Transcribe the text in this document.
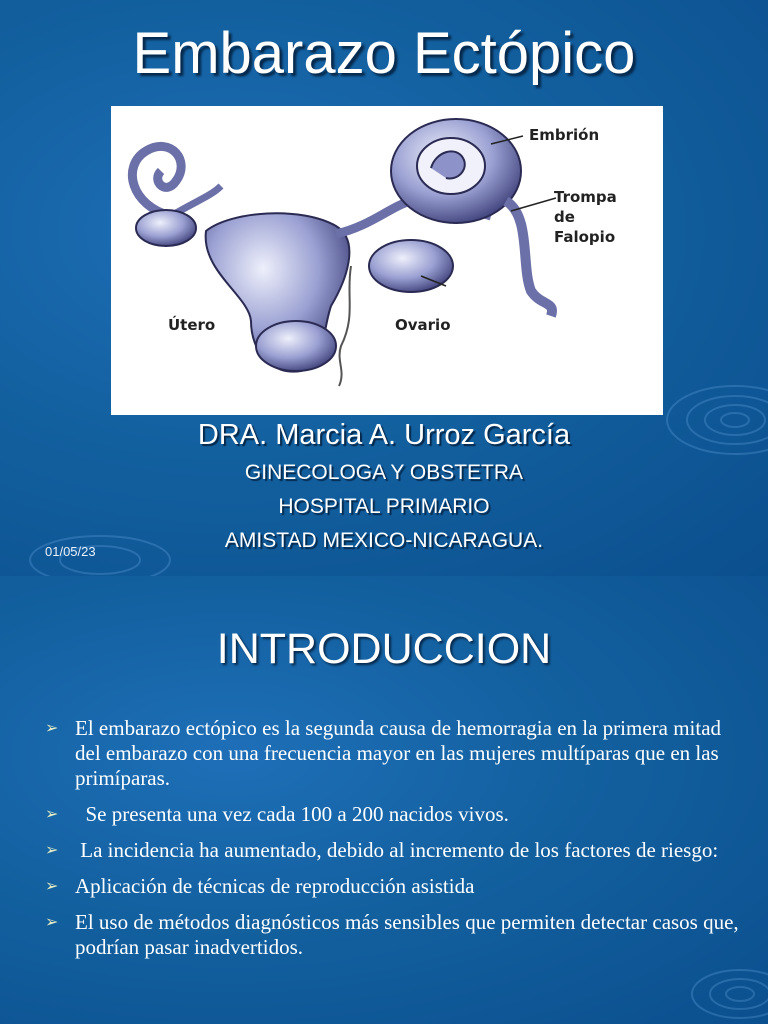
Embarazo Ectópico
Embrión
Trompa
de
Falopio
Útero	Ovario
DRA. Marcia A. Urroz García
GINECOLOGA Y OBSTETRA
HOSPITAL PRIMARIO
AMISTAD MEXICO-NICARAGUA.
01/05/23
INTRODUCCION
➢ El embarazo ectópico es la segunda causa de hemorragia en la primera mitad del embarazo con una frecuencia mayor en las mujeres multíparas que en las primíparas.
➢ Se presenta una vez cada 100 a 200 nacidos vivos.
➢ La incidencia ha aumentado, debido al incremento de los factores de riesgo:
➢ Aplicación de técnicas de reproducción asistida
➢ El uso de métodos diagnósticos más sensibles que permiten detectar casos que, podrían pasar inadvertidos.
